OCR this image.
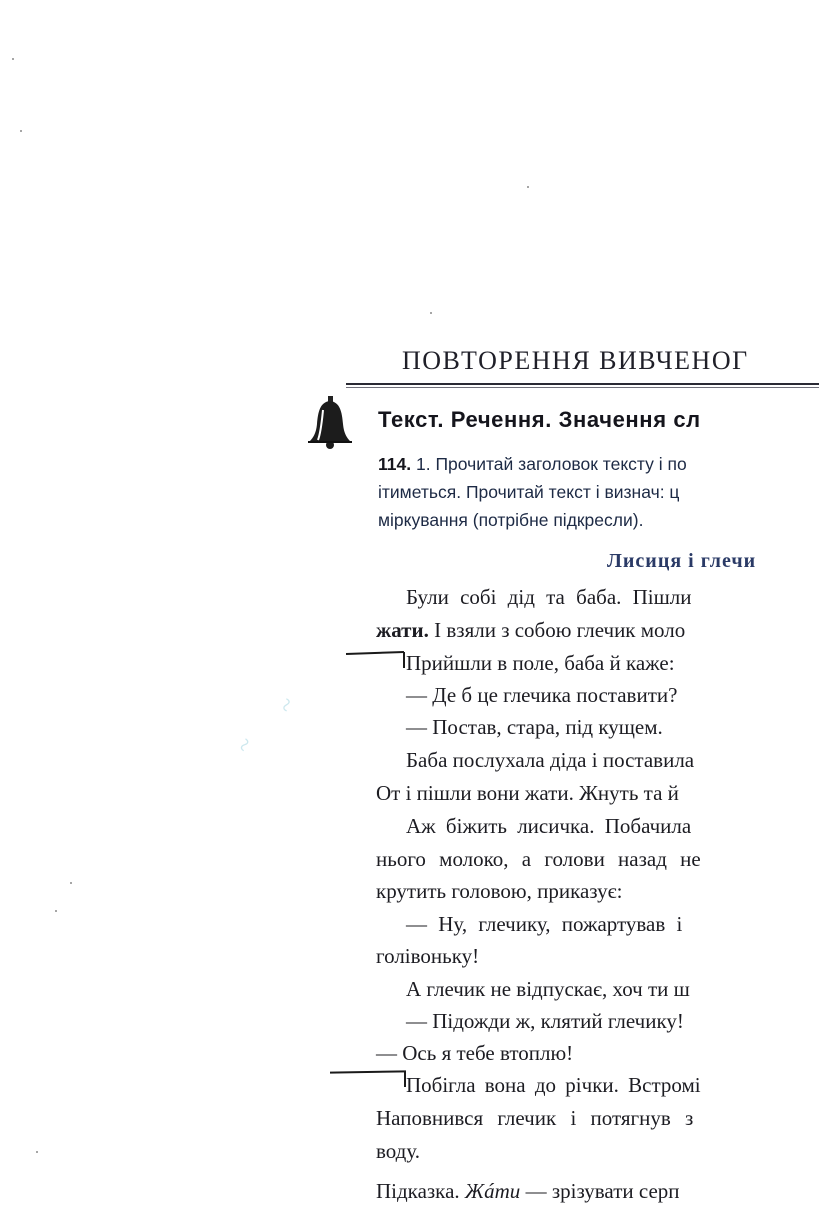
~
~
ПОВТОРЕННЯ ВИВЧЕНОГ
Текст. Речення. Значення сл
114. 1. Прочитай заголовок тексту і по
ітиметься. Прочитай текст і визнач: ц
міркування (потрібне підкресли).
Лисиця і глечи
Були собі дід та баба. Пішли
жати. І взяли з собою глечик моло
Прийшли в поле, баба й каже:
— Де б це глечика поставити?
— Постав, стара, під кущем.
Баба послухала діда і поставила
От і пішли вони жати. Жнуть та й
Аж біжить лисичка. Побачила
нього молоко, а голови назад не
крутить головою, приказує:
— Ну, глечику, пожартував і
голівоньку!
А глечик не відпускає, хоч ти ш
— Підожди ж, клятий глечику!
— Ось я тебе втоплю!
Побігла вона до річки. Встромі
Наповнився глечик і потягнув з
воду.
Підказка. Жáти — зрізувати серп
